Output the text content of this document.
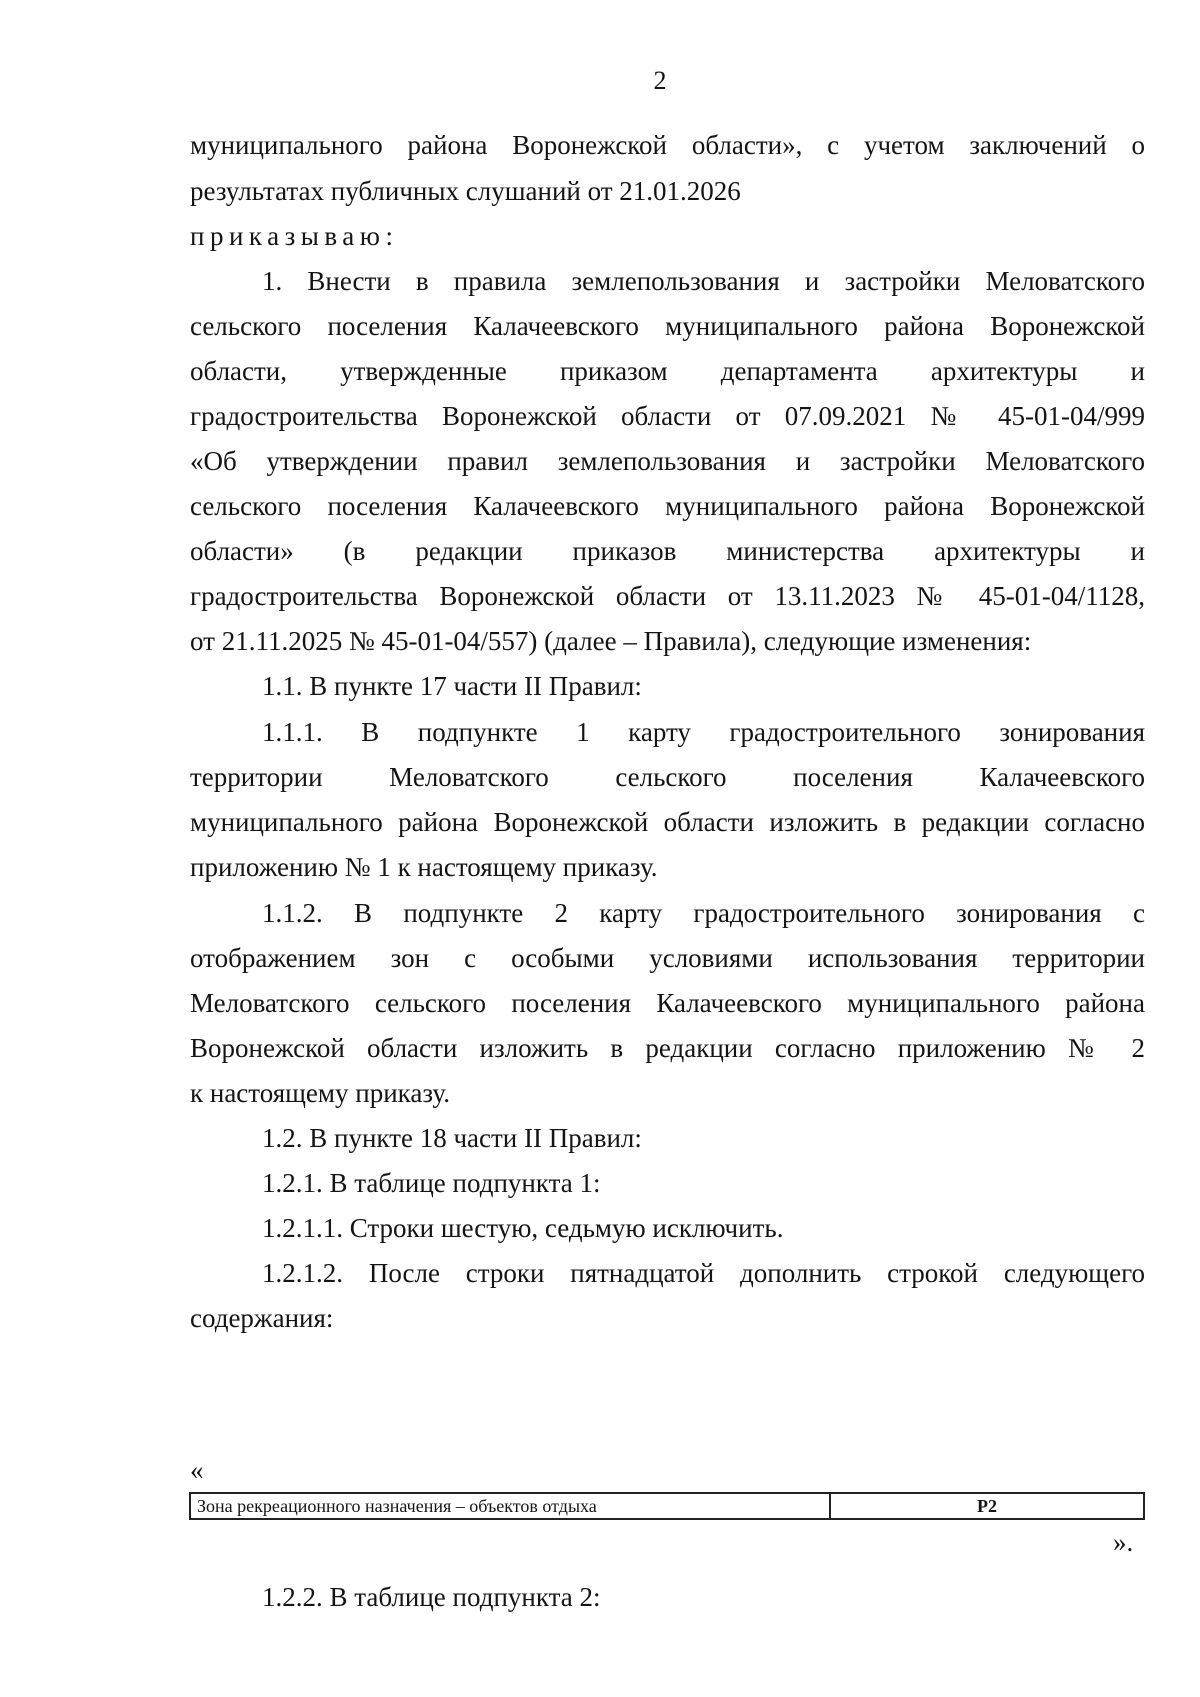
2
муниципального района Воронежской области», с учетом заключений о
результатах публичных слушаний от 21.01.2026
приказываю:
1. Внести в правила землепользования и застройки Меловатского
сельского поселения Калачеевского муниципального района Воронежской
области, утвержденные приказом департамента архитектуры и
градостроительства Воронежской области от 07.09.2021 № 45-01-04/999
«Об утверждении правил землепользования и застройки Меловатского
сельского поселения Калачеевского муниципального района Воронежской
области» (в редакции приказов министерства архитектуры и
градостроительства Воронежской области от 13.11.2023 № 45-01-04/1128,
от 21.11.2025 № 45-01-04/557) (далее – Правила), следующие изменения:
1.1. В пункте 17 части II Правил:
1.1.1. В подпункте 1 карту градостроительного зонирования
территории Меловатского сельского поселения Калачеевского
муниципального района Воронежской области изложить в редакции согласно
приложению № 1 к настоящему приказу.
1.1.2. В подпункте 2 карту градостроительного зонирования с
отображением зон с особыми условиями использования территории
Меловатского сельского поселения Калачеевского муниципального района
Воронежской области изложить в редакции согласно приложению № 2
к настоящему приказу.
1.2. В пункте 18 части II Правил:
1.2.1. В таблице подпункта 1:
1.2.1.1. Строки шестую, седьмую исключить.
1.2.1.2. После строки пятнадцатой дополнить строкой следующего
содержания:
«
Зона рекреационного назначения – объектов отдыха	Р2
».
1.2.2. В таблице подпункта 2:
